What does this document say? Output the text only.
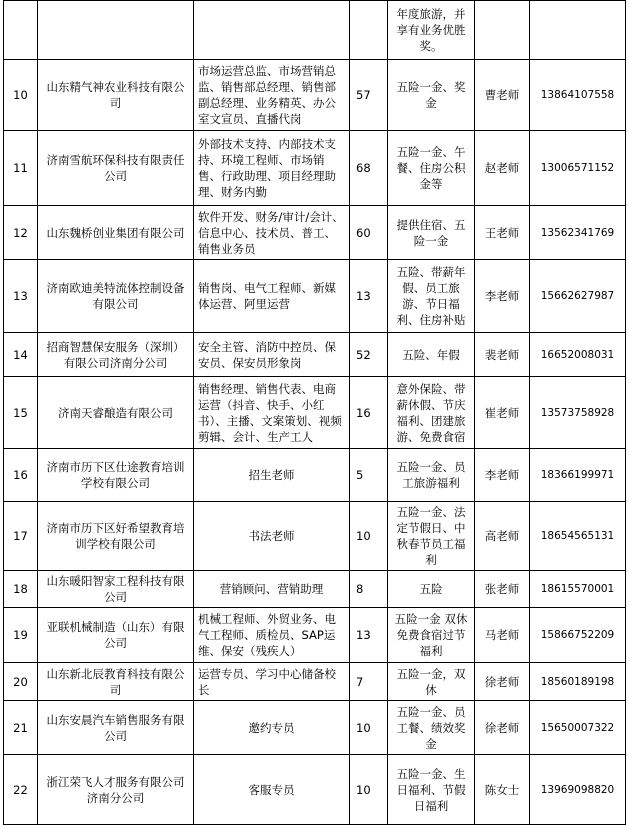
				年度旅游，并享有业务优胜奖。		
10	山东精气神农业科技有限公司	市场运营总监、市场营销总监、销售部总经理、销售部副总经理、业务精英、办公室文宣员、直播代岗	57	五险一金、奖金	曹老师	13864107558
11	济南雪航环保科技有限责任公司	外部技术支持、内部技术支持、环境工程师、市场销售、行政助理、项目经理助理、财务内勤	68	五险一金、午餐、住房公积金等	赵老师	13006571152
12	山东魏桥创业集团有限公司	软件开发、财务/审计/会计、信息中心、技术员、普工、销售业务员	60	提供住宿、五险一金	王老师	13562341769
13	济南欧迪美特流体控制设备有限公司	销售岗、电气工程师、新媒体运营、阿里运营	13	五险、带薪年假、员工旅游、节日福利、住房补贴	李老师	15662627987
14	招商智慧保安服务（深圳）有限公司济南分公司	安全主管、消防中控员、保安员、保安员形象岗	52	五险、年假	裴老师	16652008031
15	济南天睿酿造有限公司	销售经理、销售代表、电商运营（抖音、快手、小红书）、主播、文案策划、视频剪辑、会计、生产工人	16	意外保险、带薪休假、节庆福利、团建旅游、免费食宿	崔老师	13573758928
16	济南市历下区仕途教育培训学校有限公司	招生老师	5	五险一金、员工旅游福利	李老师	18366199971
17	济南市历下区好希望教育培训学校有限公司	书法老师	10	五险一金、法定节假日、中秋春节员工福利	高老师	18654565131
18	山东暖阳智家工程科技有限公司	营销顾问、营销助理	8	五险	张老师	18615570001
19	亚联机械制造（山东）有限公司	机械工程师、外贸业务、电气工程师、质检员、SAP运维、保安（残疾人）	13	五险一金 双休 免费食宿过节福利	马老师	15866752209
20	山东新北辰教育科技有限公司	运营专员、学习中心储备校长	7	五险一金，双休	徐老师	18560189198
21	山东安晨汽车销售服务有限公司	邀约专员	10	五险一金、员工餐、绩效奖金	徐老师	15650007322
22	浙江荣飞人才服务有限公司济南分公司	客服专员	10	五险一金、生日福利、节假日福利	陈女士	13969098820
